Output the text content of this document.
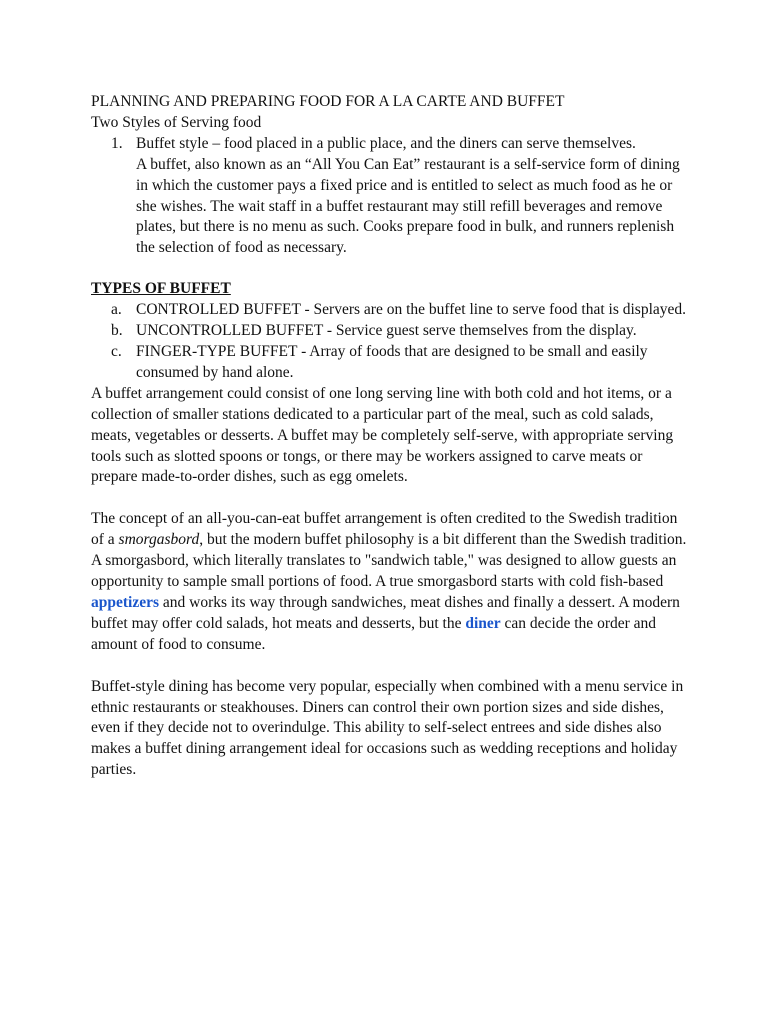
PLANNING AND PREPARING FOOD FOR A LA CARTE AND BUFFET
Two Styles of Serving food
1. Buffet style – food placed in a public place, and the diners can serve themselves.

A buffet, also known as an “All You Can Eat” restaurant is a self-service form of dining in which the customer pays a fixed price and is entitled to select as much food as he or she wishes. The wait staff in a buffet restaurant may still refill beverages and remove plates, but there is no menu as such. Cooks prepare food in bulk, and runners replenish the selection of food as necessary.

TYPES OF BUFFET
a. CONTROLLED BUFFET - Servers are on the buffet line to serve food that is displayed.
b. UNCONTROLLED BUFFET - Service guest serve themselves from the display.
c. FINGER-TYPE BUFFET - Array of foods that are designed to be small and easily consumed by hand alone.

A buffet arrangement could consist of one long serving line with both cold and hot items, or a collection of smaller stations dedicated to a particular part of the meal, such as cold salads, meats, vegetables or desserts. A buffet may be completely self-serve, with appropriate serving tools such as slotted spoons or tongs, or there may be workers assigned to carve meats or prepare made-to-order dishes, such as egg omelets.

The concept of an all-you-can-eat buffet arrangement is often credited to the Swedish tradition of a smorgasbord, but the modern buffet philosophy is a bit different than the Swedish tradition. A smorgasbord, which literally translates to "sandwich table," was designed to allow guests an opportunity to sample small portions of food. A true smorgasbord starts with cold fish-based appetizers and works its way through sandwiches, meat dishes and finally a dessert. A modern buffet may offer cold salads, hot meats and desserts, but the diner can decide the order and amount of food to consume.

Buffet-style dining has become very popular, especially when combined with a menu service in ethnic restaurants or steakhouses. Diners can control their own portion sizes and side dishes, even if they decide not to overindulge. This ability to self-select entrees and side dishes also makes a buffet dining arrangement ideal for occasions such as wedding receptions and holiday parties.
